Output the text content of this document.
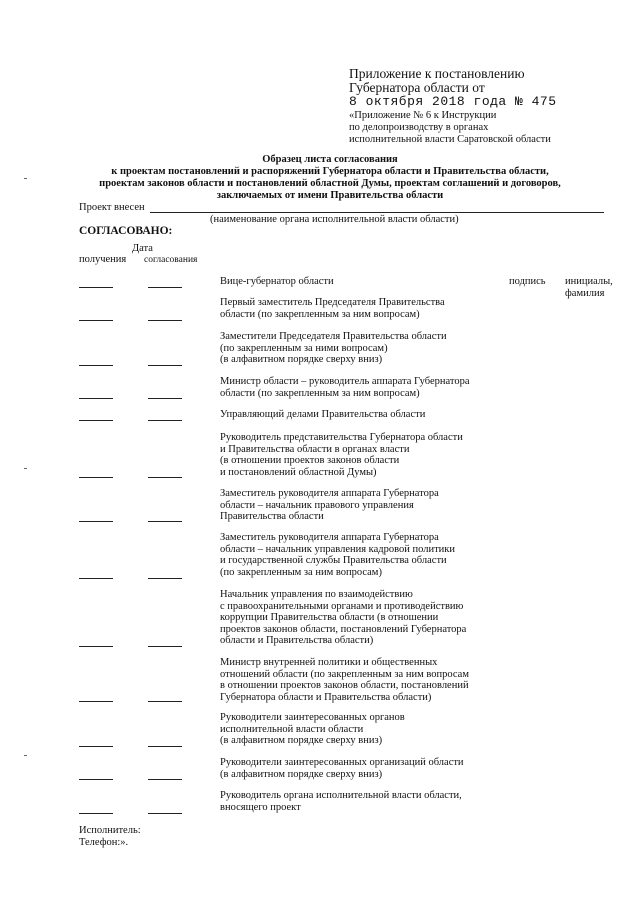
Приложение к постановлению

Губернатора области от

8 октября 2018 года № 475

«Приложение № 6 к Инструкции

по делопроизводству в органах

исполнительной власти Саратовской области

Образец листа согласования

к проектам постановлений и распоряжений Губернатора области и Правительства области,

проектам законов области и постановлений областной Думы, проектам соглашений и договоров,

заключаемых от имени Правительства области

Проект внесен

(наименование органа исполнительной власти области)

СОГЛАСОВАНО:

Дата

получения согласования

подпись инициалы,
фамилия

Вице-губернатор области

Первый заместитель Председателя Правительства
области (по закрепленным за ним вопросам)

Заместители Председателя Правительства области
(по закрепленным за ними вопросам)
(в алфавитном порядке сверху вниз)

Министр области – руководитель аппарата Губернатора
области (по закрепленным за ним вопросам)

Управляющий делами Правительства области

Руководитель представительства Губернатора области
и Правительства области в органах власти
(в отношении проектов законов области
и постановлений областной Думы)

Заместитель руководителя аппарата Губернатора
области – начальник правового управления
Правительства области

Заместитель руководителя аппарата Губернатора
области – начальник управления кадровой политики
и государственной службы Правительства области
(по закрепленным за ним вопросам)

Начальник управления по взаимодействию
с правоохранительными органами и противодействию
коррупции Правительства области (в отношении
проектов законов области, постановлений Губернатора
области и Правительства области)

Министр внутренней политики и общественных
отношений области (по закрепленным за ним вопросам
в отношении проектов законов области, постановлений
Губернатора области и Правительства области)

Руководители заинтересованных органов
исполнительной власти области
(в алфавитном порядке сверху вниз)

Руководители заинтересованных организаций области
(в алфавитном порядке сверху вниз)

Руководитель органа исполнительной власти области,
вносящего проект

Исполнитель:

Телефон:».
